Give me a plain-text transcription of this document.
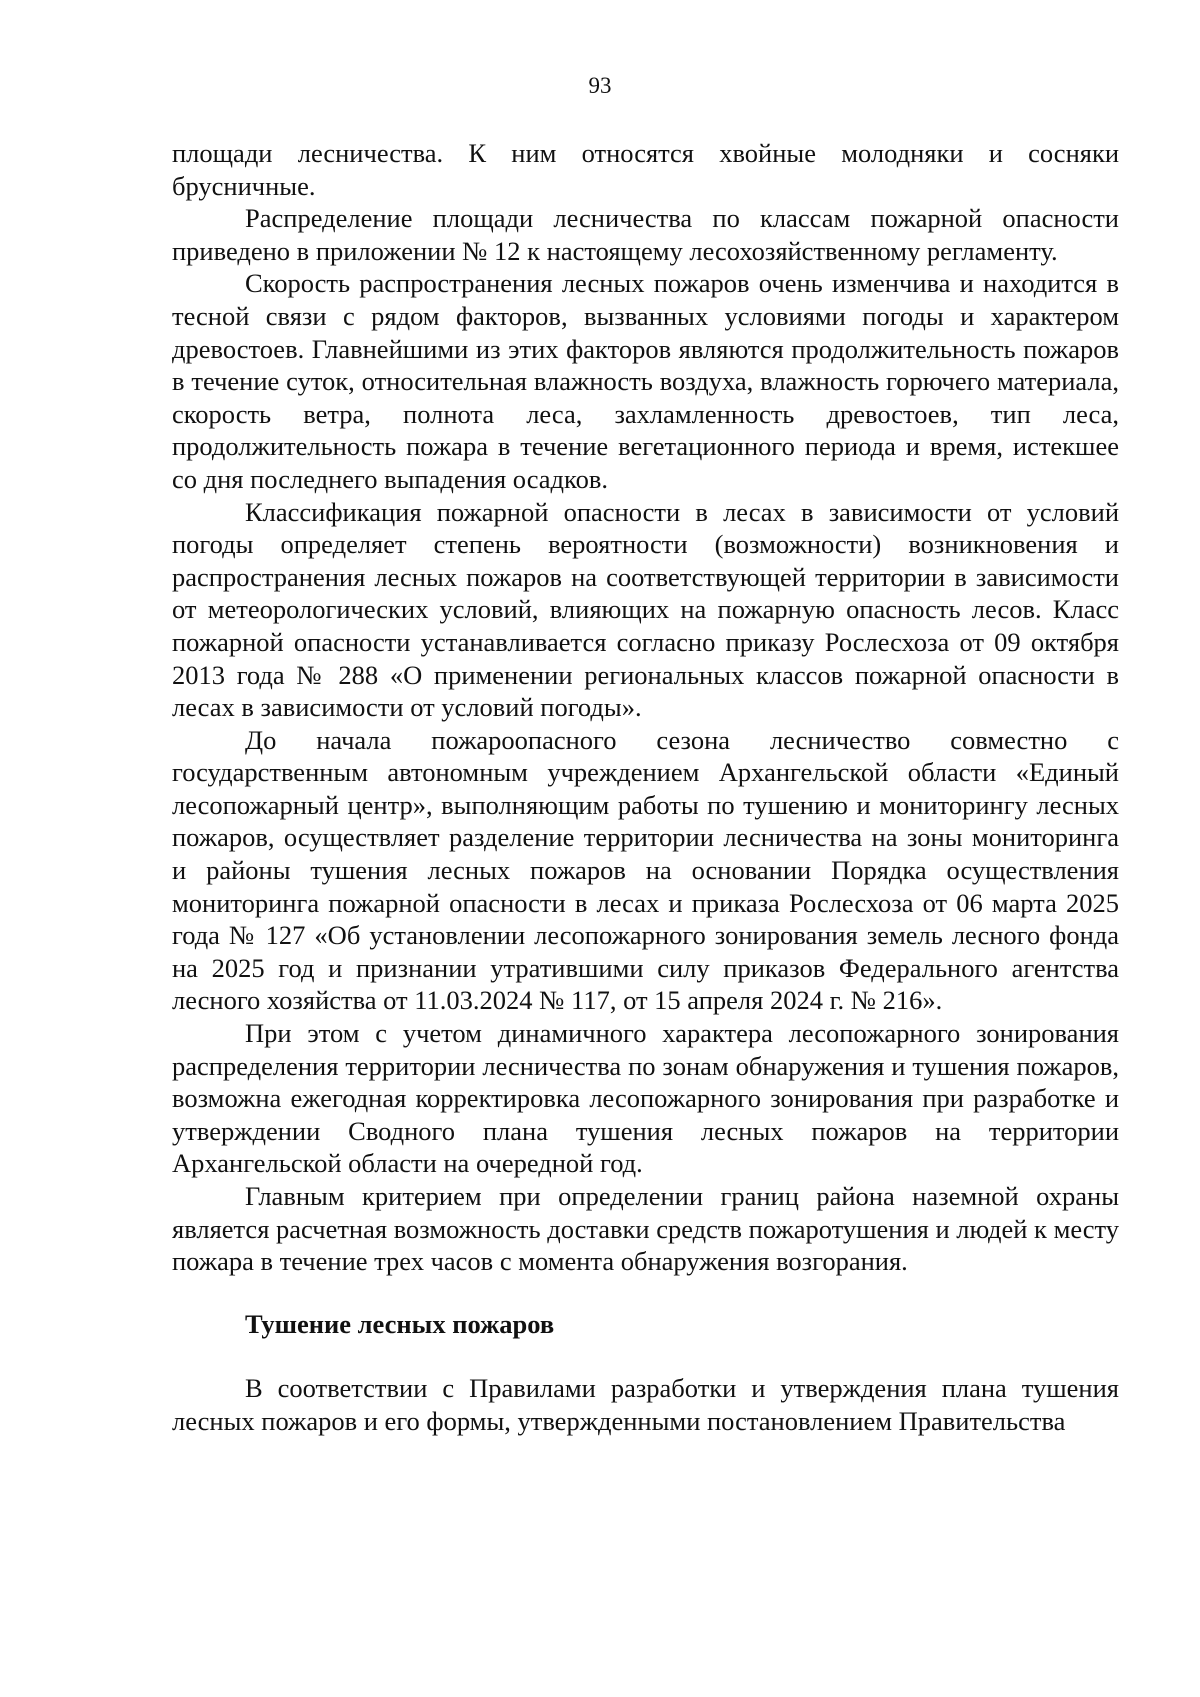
93

площади лесничества. К ним относятся хвойные молодняки и сосняки брусничные.

Распределение площади лесничества по классам пожарной опасности приведено в приложении № 12 к настоящему лесохозяйственному регламенту.

Скорость распространения лесных пожаров очень изменчива и находится в тесной связи с рядом факторов, вызванных условиями погоды и характером древостоев. Главнейшими из этих факторов являются продолжительность пожаров в течение суток, относительная влажность воздуха, влажность горючего материала, скорость ветра, полнота леса, захламленность древостоев, тип леса, продолжительность пожара в течение вегетационного периода и время, истекшее со дня последнего выпадения осадков.

Классификация пожарной опасности в лесах в зависимости от условий погоды определяет степень вероятности (возможности) возникновения и распространения лесных пожаров на соответствующей территории в зависимости от метеорологических условий, влияющих на пожарную опасность лесов. Класс пожарной опасности устанавливается согласно приказу Рослесхоза от 09 октября 2013 года № 288 «О применении региональных классов пожарной опасности в лесах в зависимости от условий погоды».

До начала пожароопасного сезона лесничество совместно с государственным автономным учреждением Архангельской области «Единый лесопожарный центр», выполняющим работы по тушению и мониторингу лесных пожаров, осуществляет разделение территории лесничества на зоны мониторинга и районы тушения лесных пожаров на основании Порядка осуществления мониторинга пожарной опасности в лесах и приказа Рослесхоза от 06 марта 2025 года № 127 «Об установлении лесопожарного зонирования земель лесного фонда на 2025 год и признании утратившими силу приказов Федерального агентства лесного хозяйства от 11.03.2024 № 117, от 15 апреля 2024 г. № 216».

При этом с учетом динамичного характера лесопожарного зонирования распределения территории лесничества по зонам обнаружения и тушения пожаров, возможна ежегодная корректировка лесопожарного зонирования при разработке и утверждении Сводного плана тушения лесных пожаров на территории Архангельской области на очередной год.

Главным критерием при определении границ района наземной охраны является расчетная возможность доставки средств пожаротушения и людей к месту пожара в течение трех часов с момента обнаружения возгорания.

Тушение лесных пожаров

В соответствии с Правилами разработки и утверждения плана тушения лесных пожаров и его формы, утвержденными постановлением Правительства
